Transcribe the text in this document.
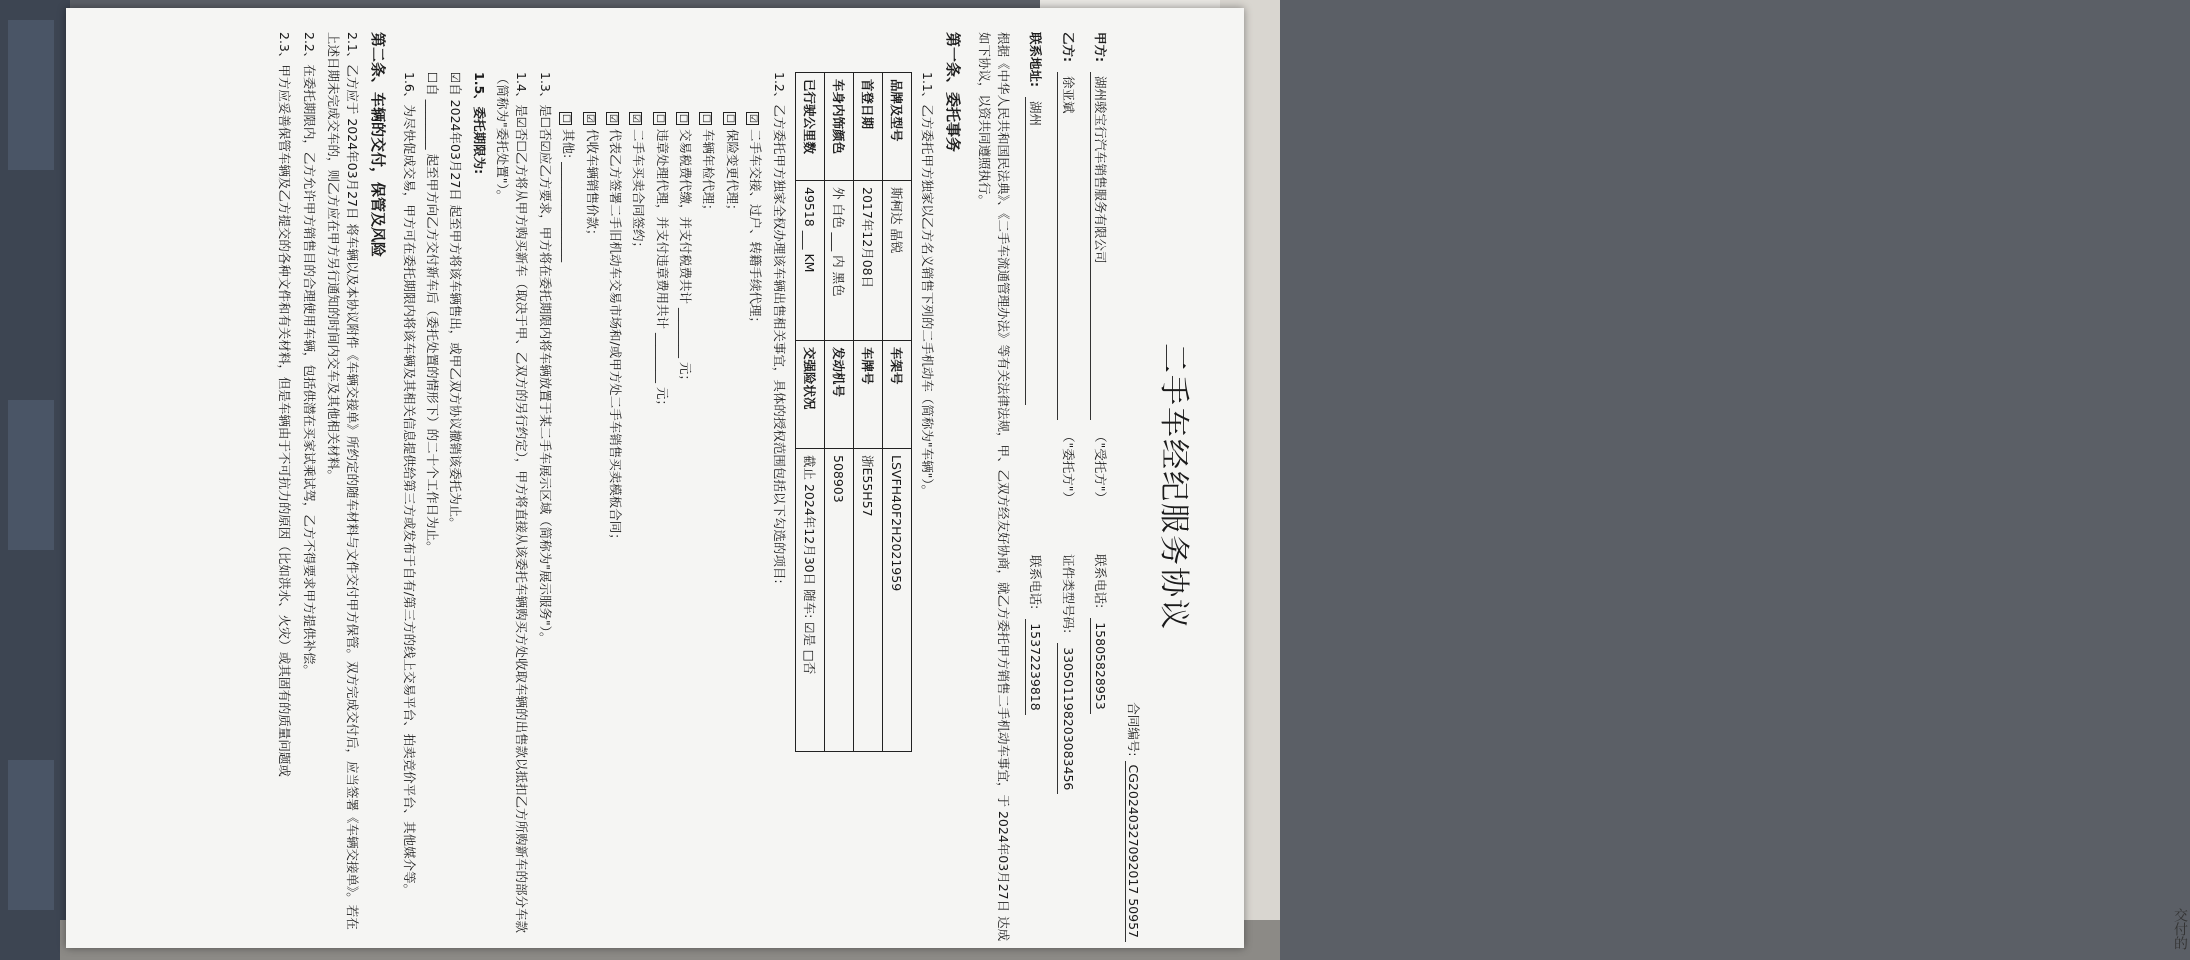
交付的
二手车经纪服务协议
合同编号: CG20240327092017 50957
甲方:
湖州骏宝行汽车销售服务有限公司
（"受托方"）
联系电话:
15805828953
乙方:
徐亚斌
（"委托方"）
证件类型号码:
330501198203083456
联系地址:
湖州
联系电话:
15372239818
根据《中华人民共和国民法典》、《二手车流通管理办法》等有关法律法规，甲、乙双方经友好协商，就乙方委托甲方销售二手机动车事宜，于 2024年03月27日 达成如下协议，以资共同遵照执行。
第一条、委托事务
1.1、乙方委托甲方独家以乙方名义销售下列的二手机动车（简称为"车辆"）。
品牌及型号	斯柯达 晶锐	车架号	LSVFH40F2H2021959
首登日期	2017年12月08日	车牌号	浙E55H57
车身内饰颜色	外 白色 ___ 内 黑色	发动机号	508903
已行驶公里数	49518 ___ KM	交强险状况	截止 2024年12月30日 随车: ☑是 □否
1.2、乙方委托甲方独家全权办理该车辆出售相关事宜，具体的授权范围包括以下勾选的项目:
☑二手车交接、过户、转籍手续代理；
☐保险变更代理；
☐车辆年检代理；
☐交易税费代缴，并支付税费共计 ________ 元；
☐违章处理代理，并支付违章费用共计 ________ 元；
☑二手车买卖合同签约；
☑代表乙方签署二手旧机动车交易市场和/或甲方处二手车销售买卖模板合同；
☑代收车辆销售价款；
☐其他: ________________
1.3、是☐否☑应乙方要求，甲方将在委托期限内将车辆放置于某二手车展示区域（简称为"展示服务"）。
1.4、是☑否☐乙方将从甲方购买新车（取决于甲、乙双方的另行约定），甲方将直接从该委托车辆购买方处收取车辆的出售款以抵扣乙方所购新车的部分车款（简称为"委托处置"）。
1.5、委托期限为:
☑自 2024年03月27日 起至甲方将该车辆售出，或甲乙双方协议撤销该委托为止。
☐自 ________ 起至甲方向乙方交付新车后（委托处置的情形下）的二十个工作日为止。
1.6、为尽快促成交易，甲方可在委托期限内将该车辆及其相关信息提供给第三方或发布于自有/第三方的线上交易平台、拍卖竞价平台、其他媒介等。
第二条、车辆的交付，保管及风险
2.1、乙方应于 2024年03月27日 将车辆以及本协议附件《车辆交接单》所约定的随车材料与文件交付甲方保管。双方完成交付后，应当签署《车辆交接单》。若在上述日期未完成交车的，则乙方应在甲方另行通知的时间内交车及其他相关材料。
2.2、在委托期限内，乙方允许甲方销售目的合理使用车辆，包括供潜在买家试乘试驾，乙方不得要求甲方提供补偿。
2.3、甲方应妥善保管车辆及乙方提交的各种文件和有关材料，但是车辆由于不可抗力的原因（比如洪水、火灾）或其固有的质量问题或
